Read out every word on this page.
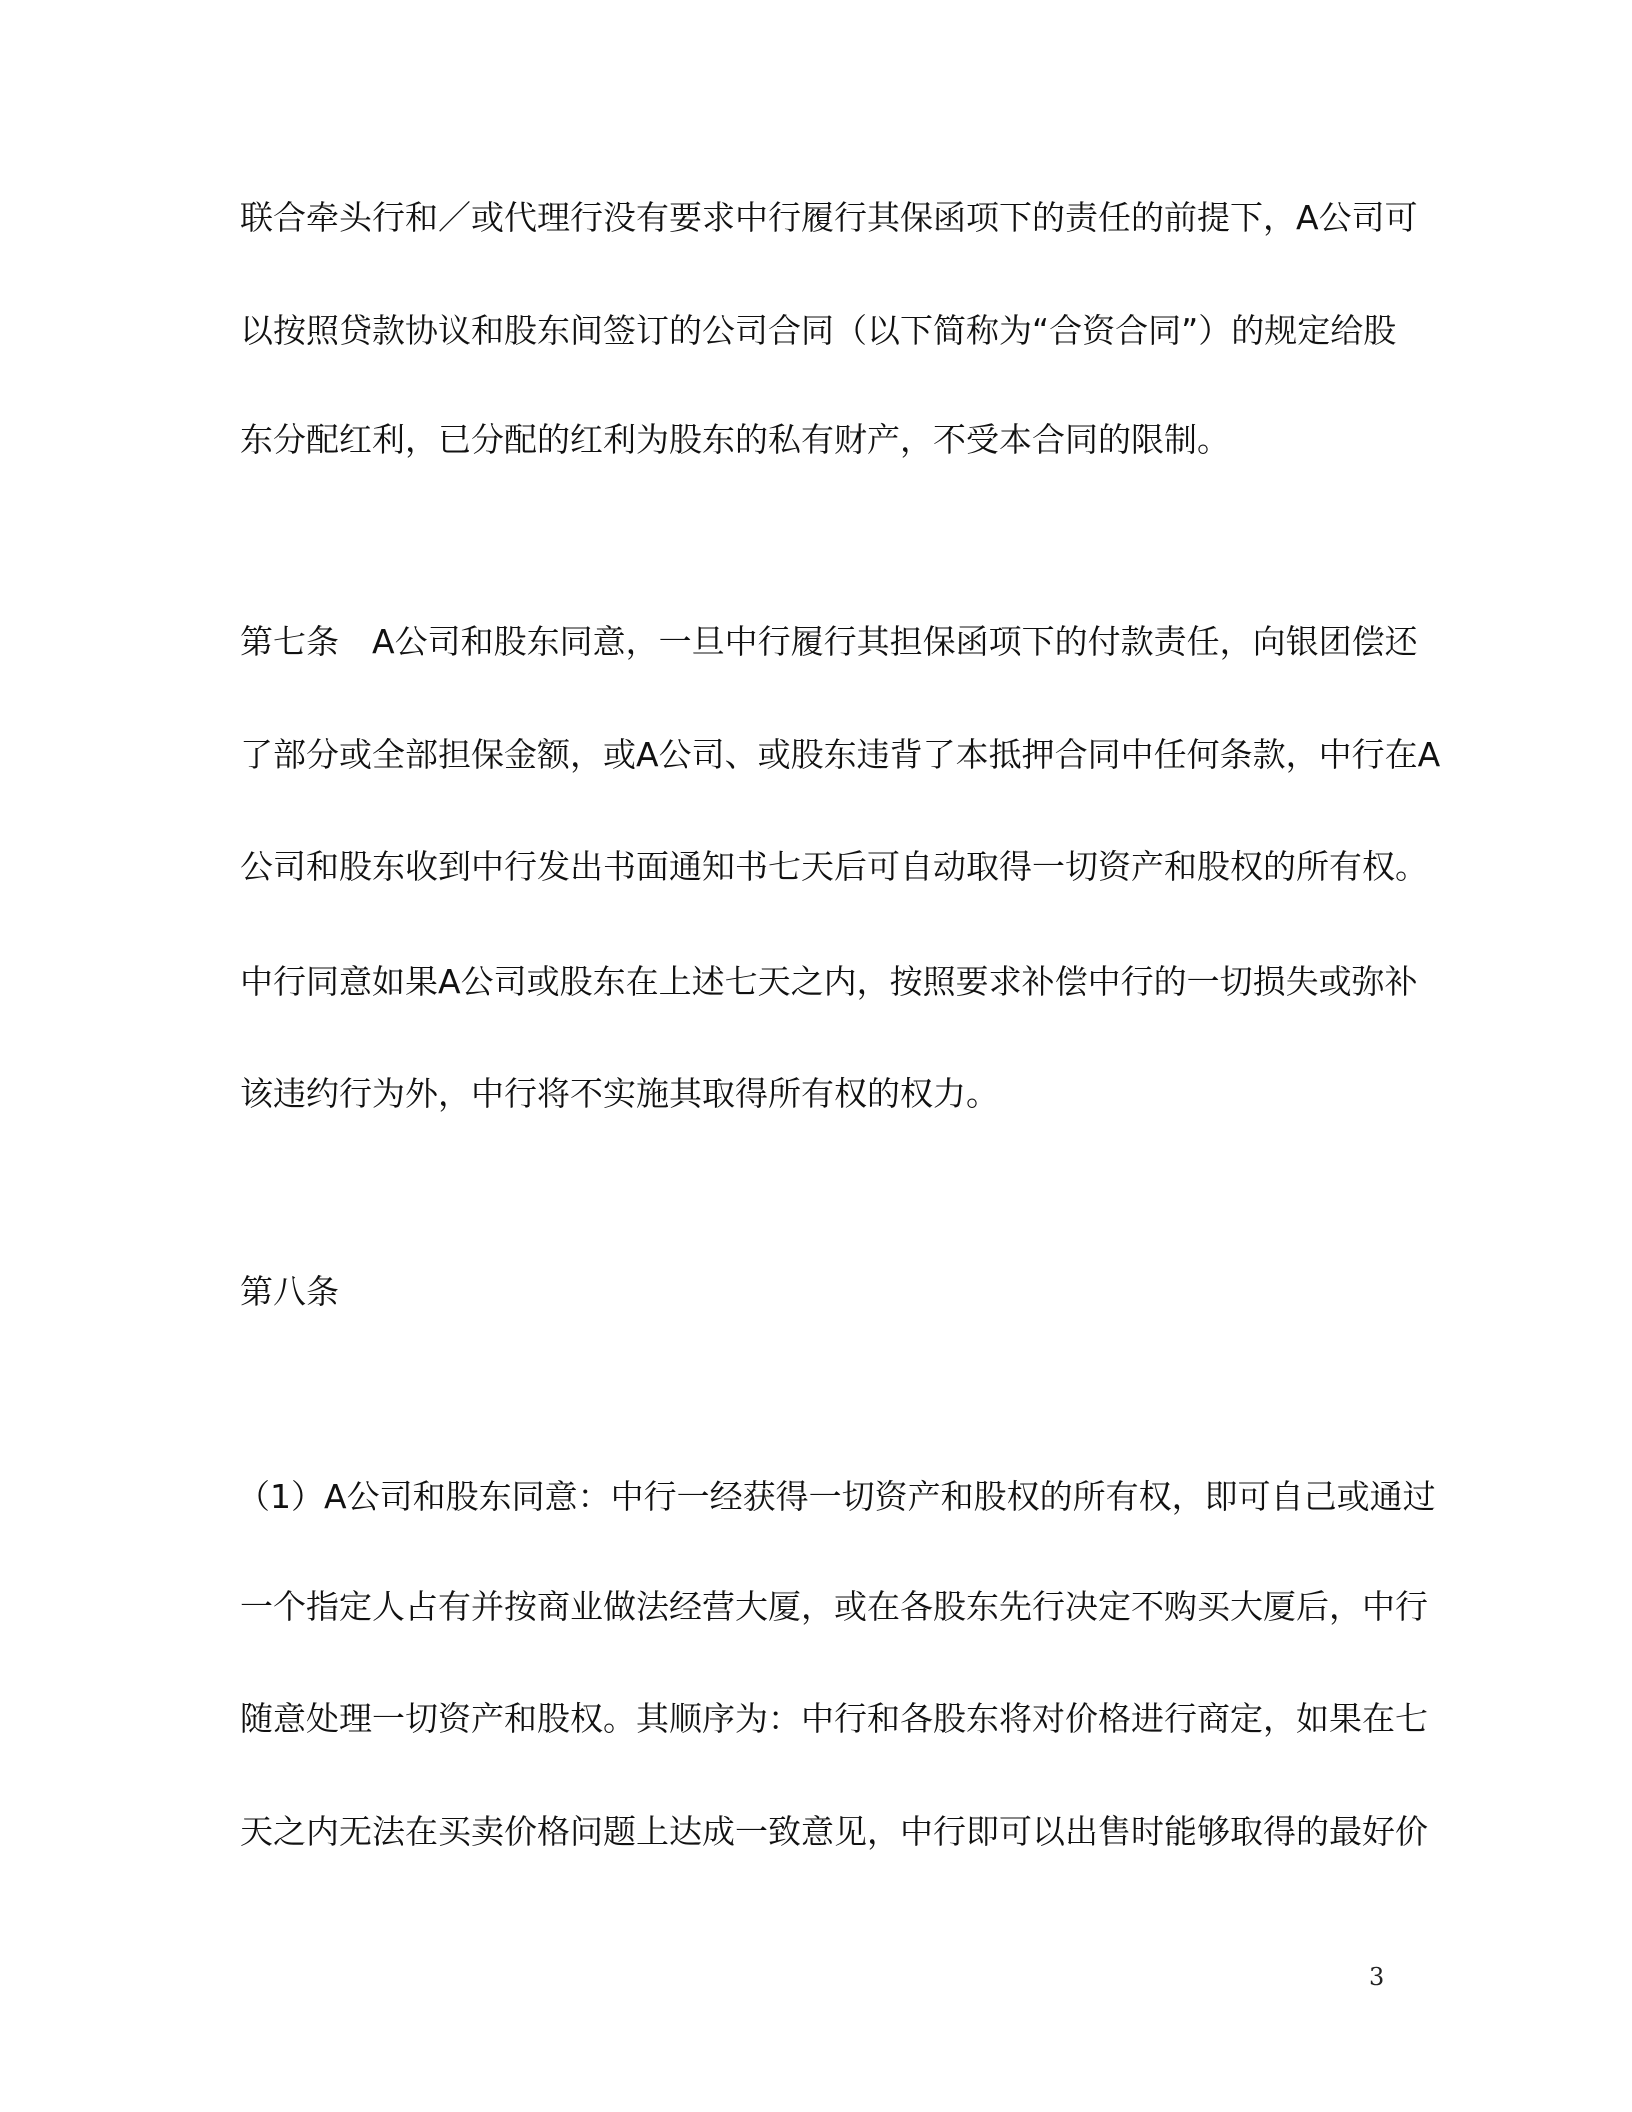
联合牵头行和／或代理行没有要求中行履行其保函项下的责任的前提下，A公司可
以按照贷款协议和股东间签订的公司合同（以下简称为“合资合同”）的规定给股
东分配红利，已分配的红利为股东的私有财产，不受本合同的限制。
第七条　A公司和股东同意，一旦中行履行其担保函项下的付款责任，向银团偿还
了部分或全部担保金额，或A公司、或股东违背了本抵押合同中任何条款，中行在A
公司和股东收到中行发出书面通知书七天后可自动取得一切资产和股权的所有权。
中行同意如果A公司或股东在上述七天之内，按照要求补偿中行的一切损失或弥补
该违约行为外，中行将不实施其取得所有权的权力。
第八条
（1）A公司和股东同意：中行一经获得一切资产和股权的所有权，即可自己或通过
一个指定人占有并按商业做法经营大厦，或在各股东先行决定不购买大厦后，中行
随意处理一切资产和股权。其顺序为：中行和各股东将对价格进行商定，如果在七
天之内无法在买卖价格问题上达成一致意见，中行即可以出售时能够取得的最好价
3
